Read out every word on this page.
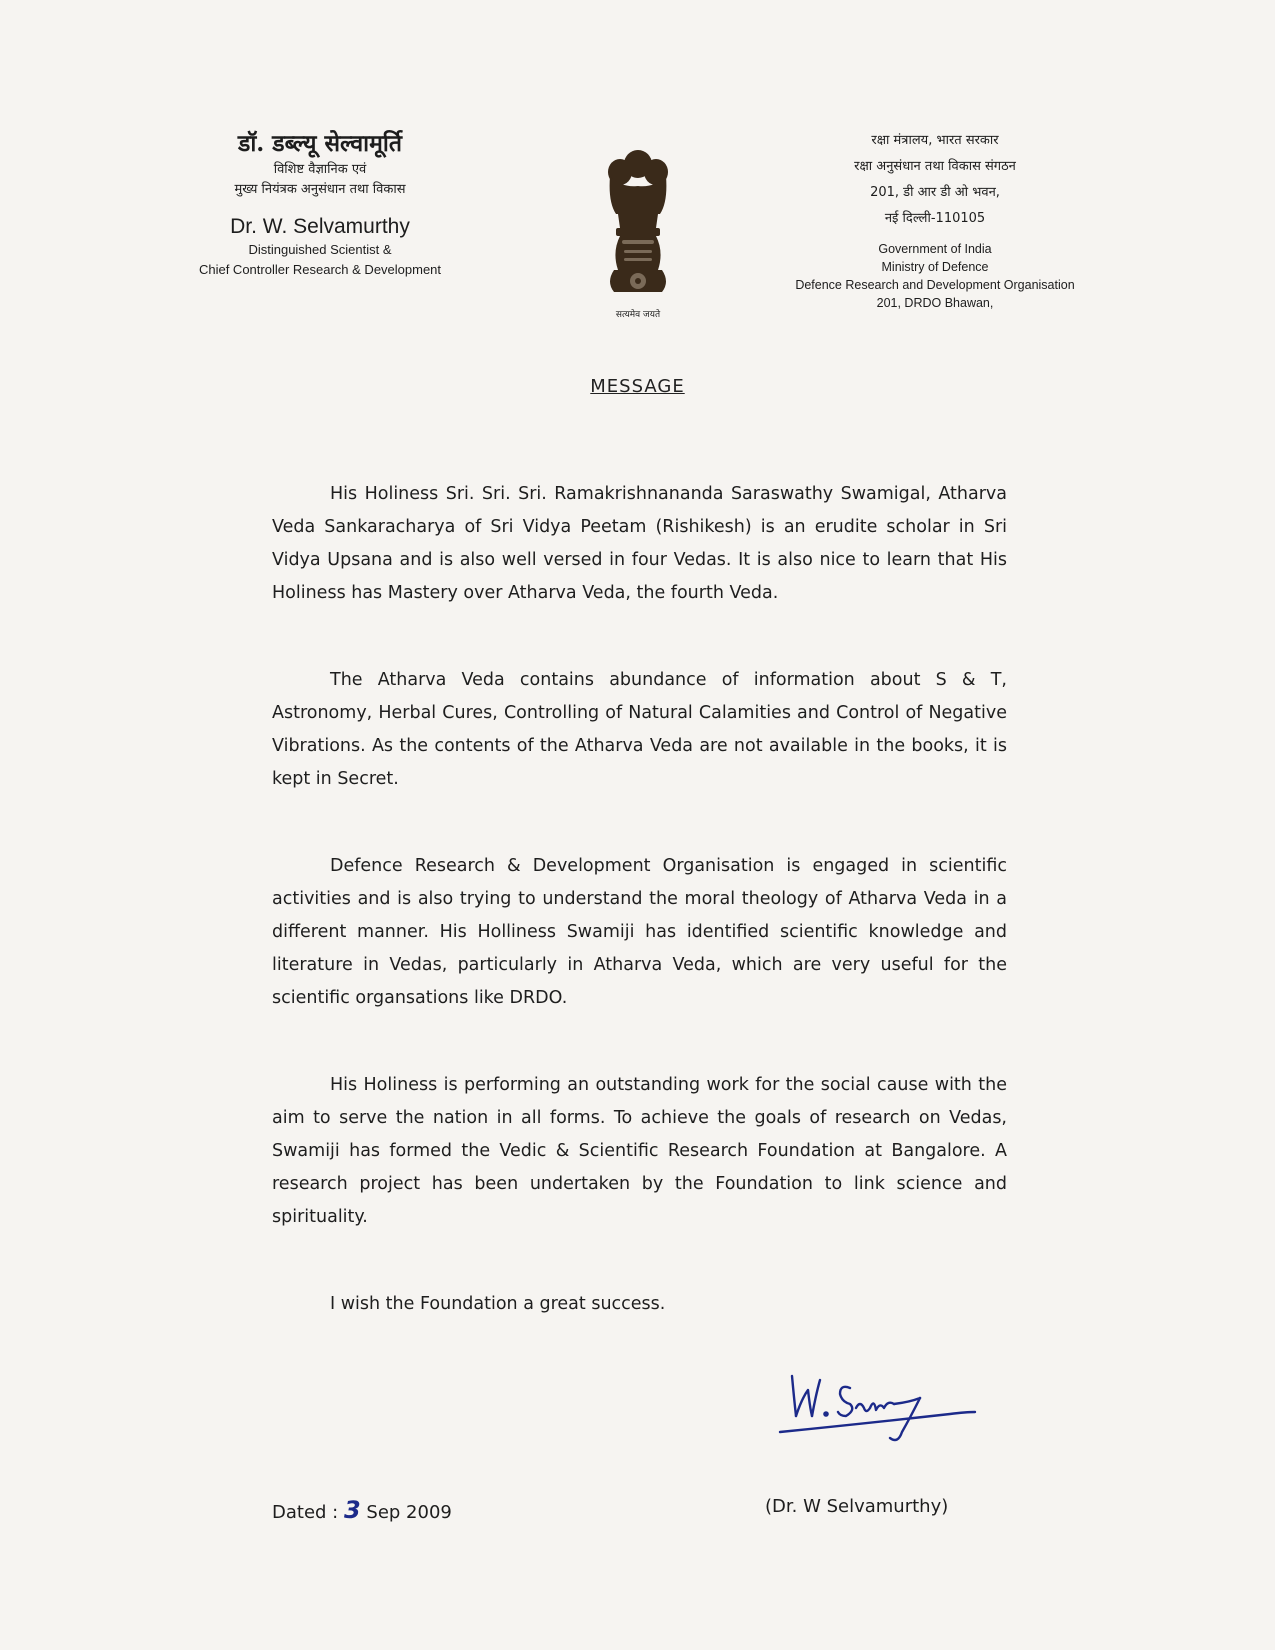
डॉ. डब्ल्यू सेल्वामूर्ति
विशिष्ट वैज्ञानिक एवं
मुख्य नियंत्रक अनुसंधान तथा विकास
Dr. W. Selvamurthy
Distinguished Scientist &
Chief Controller Research & Development
सत्यमेव जयते
रक्षा मंत्रालय, भारत सरकार
रक्षा अनुसंधान तथा विकास संगठन
201, डी आर डी ओ भवन,
नई दिल्ली-110105
Government of India
Ministry of Defence
Defence Research and Development Organisation
201, DRDO Bhawan,
MESSAGE

His Holiness Sri. Sri. Sri. Ramakrishnananda Saraswathy Swamigal, Atharva Veda Sankaracharya of Sri Vidya Peetam (Rishikesh) is an erudite scholar in Sri Vidya Upsana and is also well versed in four Vedas. It is also nice to learn that His Holiness has Mastery over Atharva Veda, the fourth Veda.

The Atharva Veda contains abundance of information about S & T, Astronomy, Herbal Cures, Controlling of Natural Calamities and Control of Negative Vibrations. As the contents of the Atharva Veda are not available in the books, it is kept in Secret.

Defence Research & Development Organisation is engaged in scientific activities and is also trying to understand the moral theology of Atharva Veda in a different manner. His Holliness Swamiji has identified scientific knowledge and literature in Vedas, particularly in Atharva Veda, which are very useful for the scientific organsations like DRDO.

His Holiness is performing an outstanding work for the social cause with the aim to serve the nation in all forms. To achieve the goals of research on Vedas, Swamiji has formed the Vedic & Scientific Research Foundation at Bangalore. A research project has been undertaken by the Foundation to link science and spirituality.

I wish the Foundation a great success.

Dated : 3 Sep 2009	(Dr. W Selvamurthy)
